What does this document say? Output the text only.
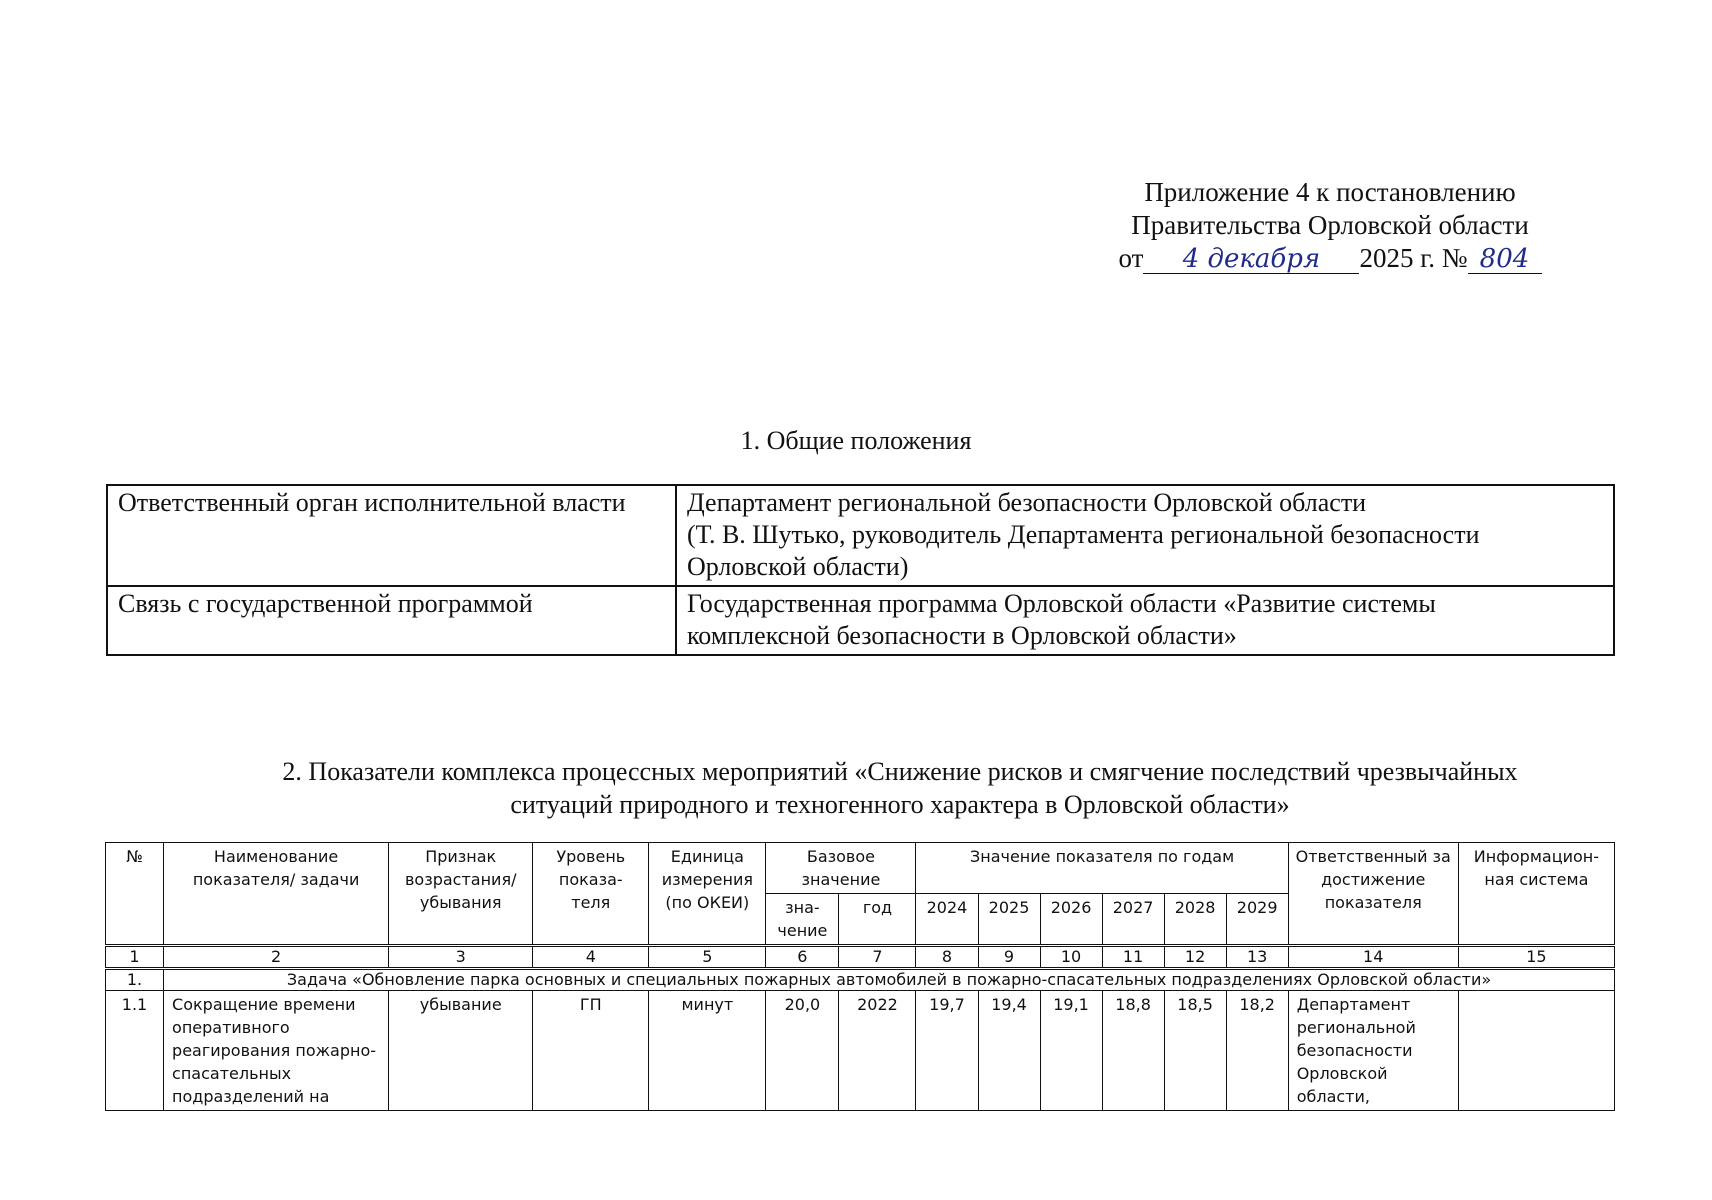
Приложение 4 к постановлению
Правительства Орловской области
от 4 декабря 2025 г. № 804
1. Общие положения
Ответственный орган исполнительной власти	Департамент региональной безопасности Орловской области
(Т. В. Шутько, руководитель Департамента региональной безопасности
Орловской области)

Связь с государственной программой	Государственная программа Орловской области «Развитие системы
комплексной безопасности в Орловской области»
2. Показатели комплекса процессных мероприятий «Снижение рисков и смягчение последствий чрезвычайных
ситуаций природного и техногенного характера в Орловской области»
№	Наименование показателя/ задачи	Признак возрастания/ убывания	Уровень показа- теля	Единица измерения (по ОКЕИ)	Базовое значение		Значение показателя по годам						Ответственный за достижение показателя	Информацион- ная система
					зна- чение	год	2024	2025	2026	2027	2028	2029		
1	2	3	4	5	6	7	8	9	10	11	12	13	14	15
1.	Задача «Обновление парка основных и специальных пожарных автомобилей в пожарно-спасательных подразделениях Орловской области»													
1.1	Сокращение времени оперативного реагирования пожарно-спасательных подразделений на	убывание	ГП	минут	20,0	2022	19,7	19,4	19,1	18,8	18,5	18,2	Департамент региональной безопасности Орловской области,	
